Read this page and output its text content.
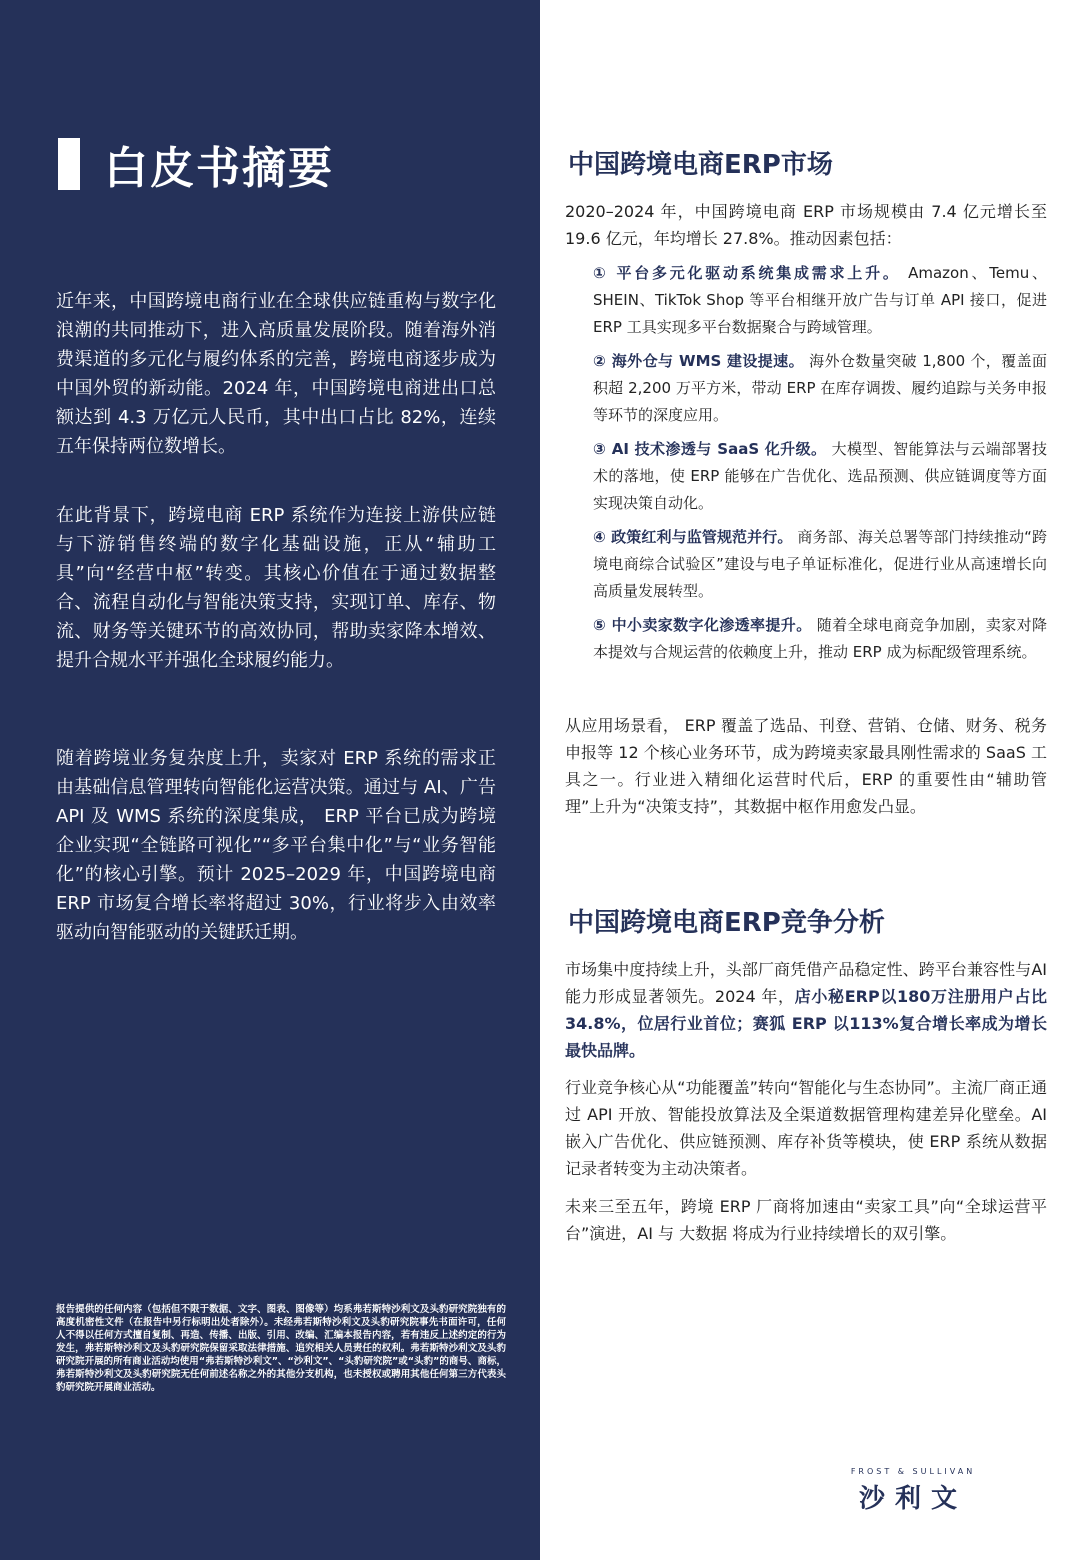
白皮书摘要

近年来，中国跨境电商行业在全球供应链重构与数字化浪潮的共同推动下，进入高质量发展阶段。随着海外消费渠道的多元化与履约体系的完善，跨境电商逐步成为中国外贸的新动能。2024 年，中国跨境电商进出口总额达到 4.3 万亿元人民币，其中出口占比 82%，连续五年保持两位数增长。

在此背景下，跨境电商 ERP 系统作为连接上游供应链与下游销售终端的数字化基础设施，正从“辅助工具”向“经营中枢”转变。其核心价值在于通过数据整合、流程自动化与智能决策支持，实现订单、库存、物流、财务等关键环节的高效协同，帮助卖家降本增效、提升合规水平并强化全球履约能力。

随着跨境业务复杂度上升，卖家对 ERP 系统的需求正由基础信息管理转向智能化运营决策。通过与 AI、广告 API 及 WMS 系统的深度集成， ERP 平台已成为跨境企业实现“全链路可视化”“多平台集中化”与“业务智能化”的核心引擎。预计 2025–2029 年，中国跨境电商 ERP 市场复合增长率将超过 30%，行业将步入由效率驱动向智能驱动的关键跃迁期。

报告提供的任何内容（包括但不限于数据、文字、图表、图像等）均系弗若斯特沙利文及头豹研究院独有的高度机密性文件（在报告中另行标明出处者除外）。未经弗若斯特沙利文及头豹研究院事先书面许可，任何人不得以任何方式擅自复制、再造、传播、出版、引用、改编、汇编本报告内容，若有违反上述约定的行为发生，弗若斯特沙利文及头豹研究院保留采取法律措施、追究相关人员责任的权利。弗若斯特沙利文及头豹研究院开展的所有商业活动均使用“弗若斯特沙利文”、“沙利文”、“头豹研究院”或“头豹”的商号、商标，弗若斯特沙利文及头豹研究院无任何前述名称之外的其他分支机构，也未授权或聘用其他任何第三方代表头豹研究院开展商业活动。

中国跨境电商ERP市场

2020–2024 年，中国跨境电商 ERP 市场规模由 7.4 亿元增长至 19.6 亿元，年均增长 27.8%。推动因素包括：

① 平台多元化驱动系统集成需求上升。 Amazon、Temu、SHEIN、TikTok Shop 等平台相继开放广告与订单 API 接口，促进 ERP 工具实现多平台数据聚合与跨域管理。
② 海外仓与 WMS 建设提速。 海外仓数量突破 1,800 个，覆盖面积超 2,200 万平方米，带动 ERP 在库存调拨、履约追踪与关务申报等环节的深度应用。
③ AI 技术渗透与 SaaS 化升级。 大模型、智能算法与云端部署技术的落地，使 ERP 能够在广告优化、选品预测、供应链调度等方面实现决策自动化。
④ 政策红利与监管规范并行。 商务部、海关总署等部门持续推动“跨境电商综合试验区”建设与电子单证标准化，促进行业从高速增长向高质量发展转型。
⑤ 中小卖家数字化渗透率提升。 随着全球电商竞争加剧，卖家对降本提效与合规运营的依赖度上升，推动 ERP 成为标配级管理系统。

从应用场景看， ERP 覆盖了选品、刊登、营销、仓储、财务、税务申报等 12 个核心业务环节，成为跨境卖家最具刚性需求的 SaaS 工具之一。行业进入精细化运营时代后，ERP 的重要性由“辅助管理”上升为“决策支持”，其数据中枢作用愈发凸显。

中国跨境电商ERP竞争分析

市场集中度持续上升，头部厂商凭借产品稳定性、跨平台兼容性与AI能力形成显著领先。2024 年，店小秘ERP以180万注册用户占比 34.8%，位居行业首位；赛狐 ERP 以113%复合增长率成为增长最快品牌。

行业竞争核心从“功能覆盖”转向“智能化与生态协同”。主流厂商正通过 API 开放、智能投放算法及全渠道数据管理构建差异化壁垒。AI 嵌入广告优化、供应链预测、库存补货等模块，使 ERP 系统从数据记录者转变为主动决策者。

未来三至五年，跨境 ERP 厂商将加速由“卖家工具”向“全球运营平台”演进，AI 与 大数据 将成为行业持续增长的双引擎。

FROST & SULLIVAN
沙利文
